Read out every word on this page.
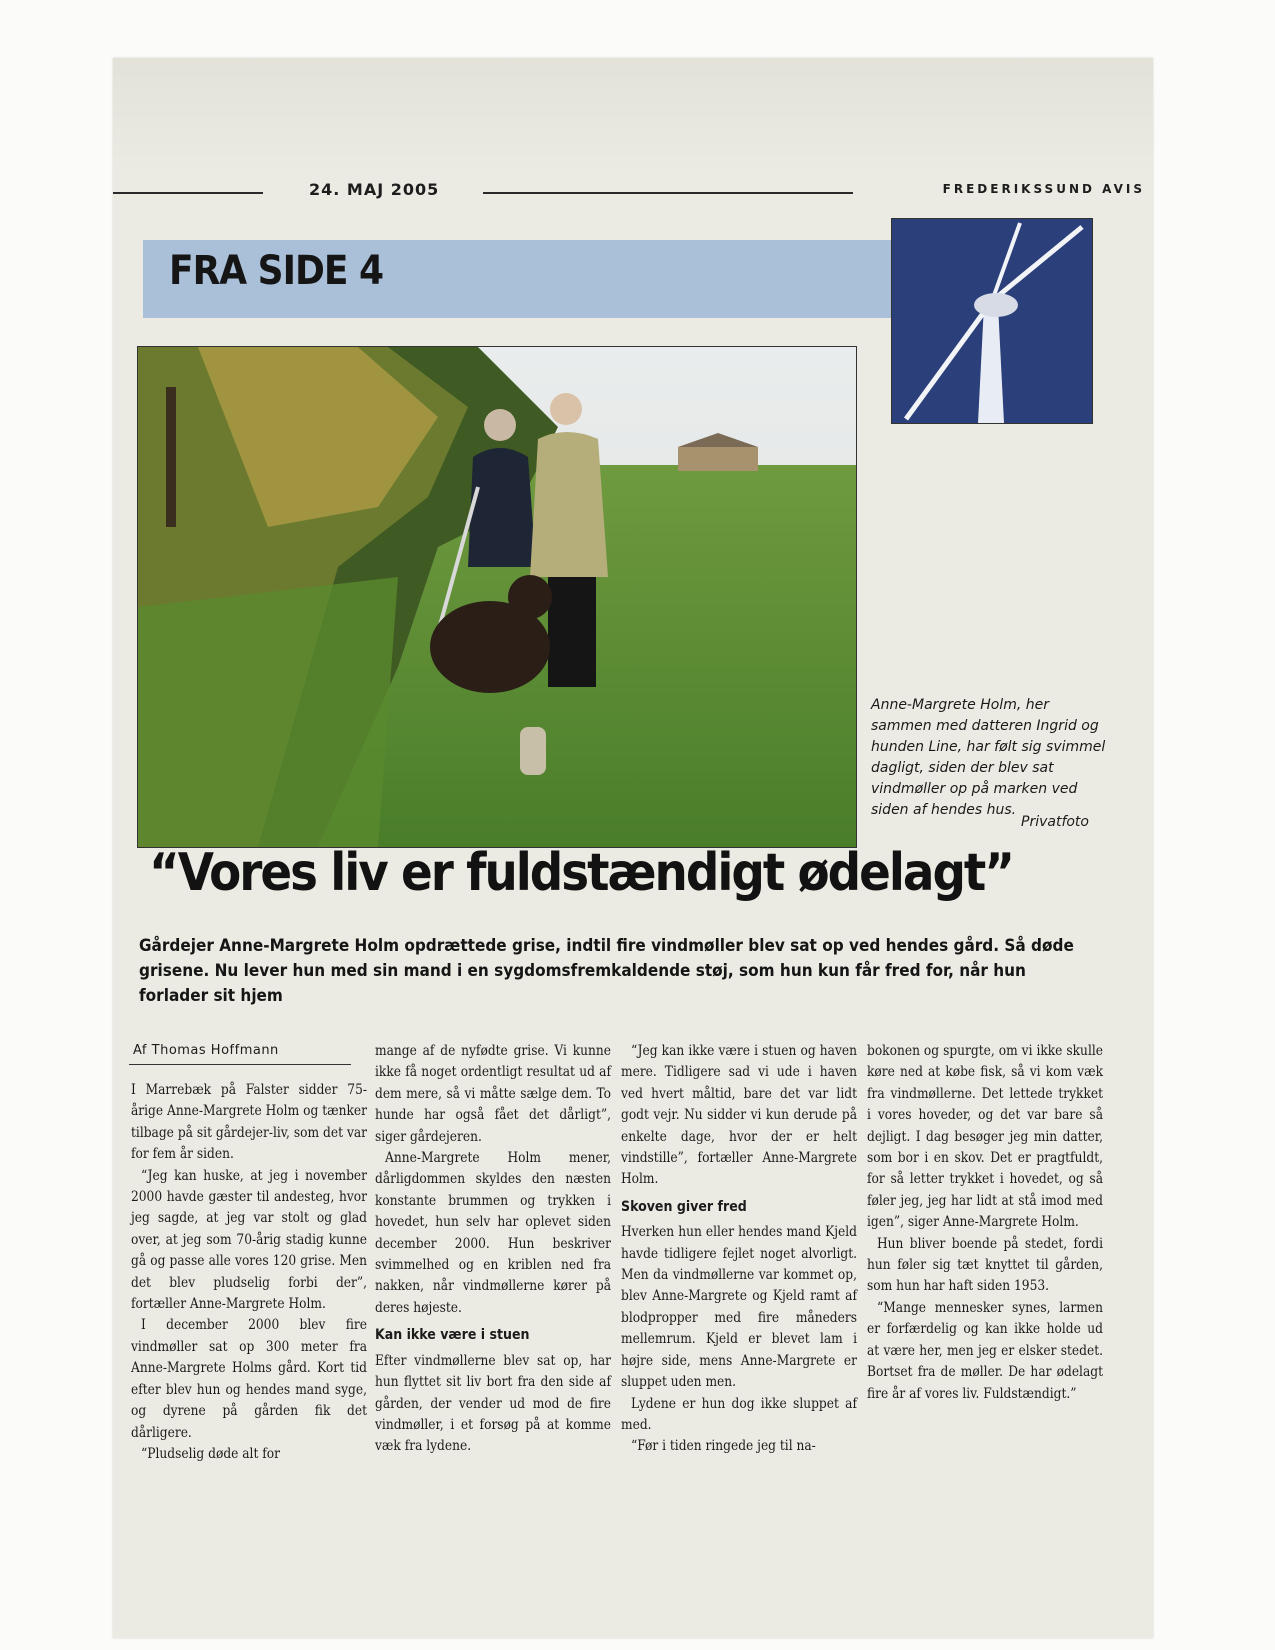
24. MAJ 2005	FREDERIKSSUND AVIS
FRA SIDE 4
Anne-Margrete Holm, her sammen med datteren Ingrid og hunden Line, har følt sig svimmel dagligt, siden der blev sat vindmøller op på marken ved siden af hendes hus.
Privatfoto
“Vores liv er fuldstændigt ødelagt”
Gårdejer Anne-Margrete Holm opdrættede grise, indtil fire vindmøller blev sat op ved hendes gård. Så døde grisene. Nu lever hun med sin mand i en sygdomsfremkaldende støj, som hun kun får fred for, når hun forlader sit hjem
Af Thomas Hoffmann

I Marrebæk på Falster sidder 75-årige Anne-Margrete Holm og tænker tilbage på sit gårdejer-liv, som det var for fem år siden.

“Jeg kan huske, at jeg i november 2000 havde gæster til andesteg, hvor jeg sagde, at jeg var stolt og glad over, at jeg som 70-årig stadig kunne gå og passe alle vores 120 grise. Men det blev pludselig forbi der”, fortæller Anne-Margrete Holm.

I december 2000 blev fire vindmøller sat op 300 meter fra Anne-Margrete Holms gård. Kort tid efter blev hun og hendes mand syge, og dyrene på gården fik det dårligere.

“Pludselig døde alt for

mange af de nyfødte grise. Vi kunne ikke få noget ordentligt resultat ud af dem mere, så vi måtte sælge dem. To hunde har også fået det dårligt”, siger gårdejeren.

Anne-Margrete Holm mener, dårligdommen skyldes den næsten konstante brummen og trykken i hovedet, hun selv har oplevet siden december 2000. Hun beskriver svimmelhed og en kriblen ned fra nakken, når vindmøllerne kører på deres højeste.

Kan ikke være i stuen

Efter vindmøllerne blev sat op, har hun flyttet sit liv bort fra den side af gården, der vender ud mod de fire vindmøller, i et forsøg på at komme væk fra lydene.

“Jeg kan ikke være i stuen og haven mere. Tidligere sad vi ude i haven ved hvert måltid, bare det var lidt godt vejr. Nu sidder vi kun derude på enkelte dage, hvor der er helt vindstille”, fortæller Anne-Margrete Holm.

Skoven giver fred

Hverken hun eller hendes mand Kjeld havde tidligere fejlet noget alvorligt. Men da vindmøllerne var kommet op, blev Anne-Margrete og Kjeld ramt af blodpropper med fire måneders mellemrum. Kjeld er blevet lam i højre side, mens Anne-Margrete er sluppet uden men.

Lydene er hun dog ikke sluppet af med.

“Før i tiden ringede jeg til na-

bokonen og spurgte, om vi ikke skulle køre ned at købe fisk, så vi kom væk fra vindmøllerne. Det lettede trykket i vores hoveder, og det var bare så dejligt. I dag besøger jeg min datter, som bor i en skov. Det er pragtfuldt, for så letter trykket i hovedet, og så føler jeg, jeg har lidt at stå imod med igen”, siger Anne-Margrete Holm.

Hun bliver boende på stedet, fordi hun føler sig tæt knyttet til gården, som hun har haft siden 1953.

“Mange mennesker synes, larmen er forfærdelig og kan ikke holde ud at være her, men jeg er elsker stedet. Bortset fra de møller. De har ødelagt fire år af vores liv. Fuldstændigt.”
